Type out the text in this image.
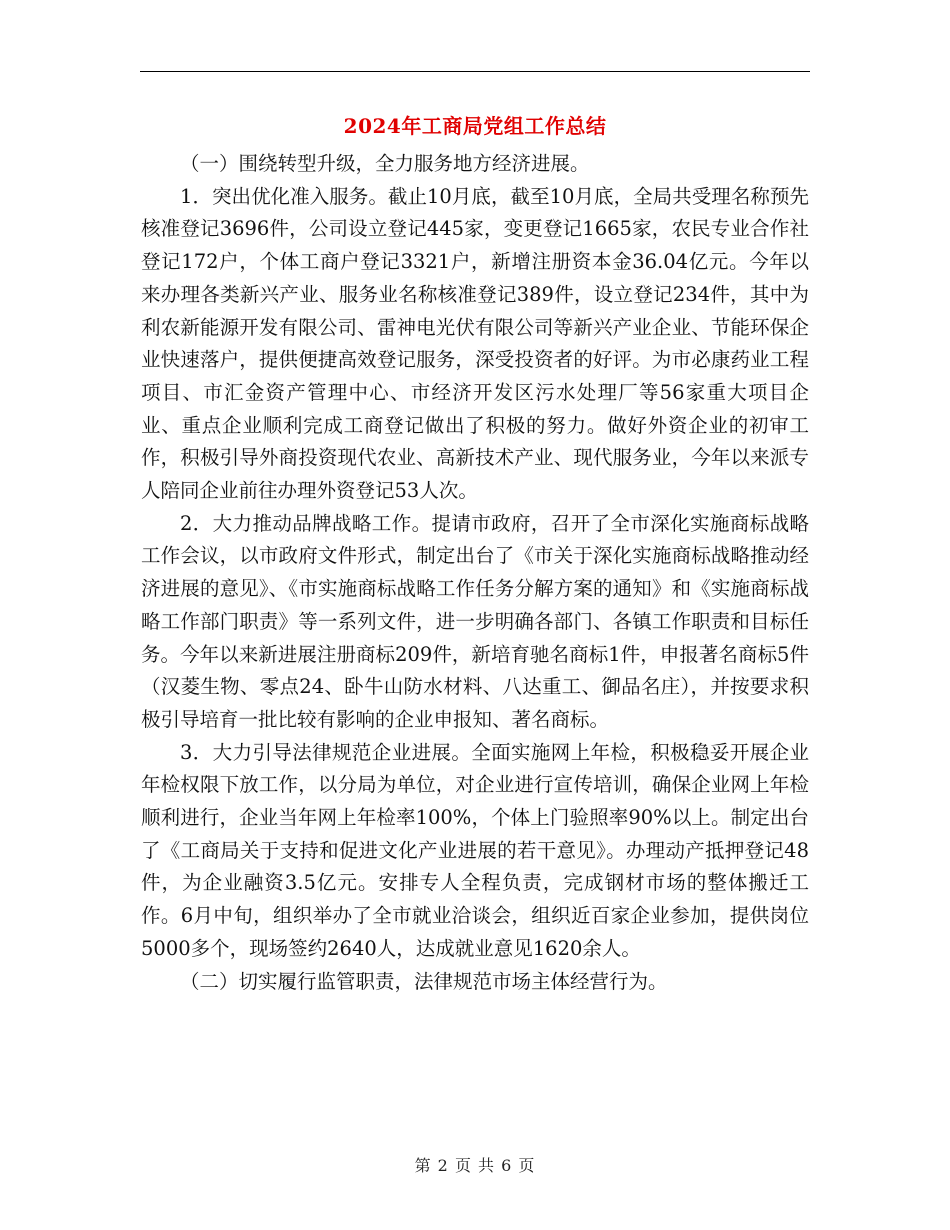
2024年工商局党组工作总结

（一）围绕转型升级，全力服务地方经济进展。

1．突出优化准入服务。截止10月底，截至10月底，全局共受理名称预先核准登记3696件，公司设立登记445家，变更登记1665家，农民专业合作社登记172户，个体工商户登记3321户，新增注册资本金36.04亿元。今年以来办理各类新兴产业、服务业名称核准登记389件，设立登记234件，其中为利农新能源开发有限公司、雷神电光伏有限公司等新兴产业企业、节能环保企业快速落户，提供便捷高效登记服务，深受投资者的好评。为市必康药业工程项目、市汇金资产管理中心、市经济开发区污水处理厂等56家重大项目企业、重点企业顺利完成工商登记做出了积极的努力。做好外资企业的初审工作，积极引导外商投资现代农业、高新技术产业、现代服务业，今年以来派专人陪同企业前往办理外资登记53人次。

2．大力推动品牌战略工作。提请市政府，召开了全市深化实施商标战略工作会议，以市政府文件形式，制定出台了《市关于深化实施商标战略推动经济进展的意见》、《市实施商标战略工作任务分解方案的通知》和《实施商标战略工作部门职责》等一系列文件，进一步明确各部门、各镇工作职责和目标任务。今年以来新进展注册商标209件，新培育驰名商标1件，申报著名商标5件（汉菱生物、零点24、卧牛山防水材料、八达重工、御品名庄），并按要求积极引导培育一批比较有影响的企业申报知、著名商标。

3．大力引导法律规范企业进展。全面实施网上年检，积极稳妥开展企业年检权限下放工作，以分局为单位，对企业进行宣传培训，确保企业网上年检顺利进行，企业当年网上年检率100%，个体上门验照率90%以上。制定出台了《工商局关于支持和促进文化产业进展的若干意见》。办理动产抵押登记48件，为企业融资3.5亿元。安排专人全程负责，完成钢材市场的整体搬迁工作。6月中旬，组织举办了全市就业洽谈会，组织近百家企业参加，提供岗位5000多个，现场签约2640人，达成就业意见1620余人。

（二）切实履行监管职责，法律规范市场主体经营行为。

第 2 页 共 6 页
